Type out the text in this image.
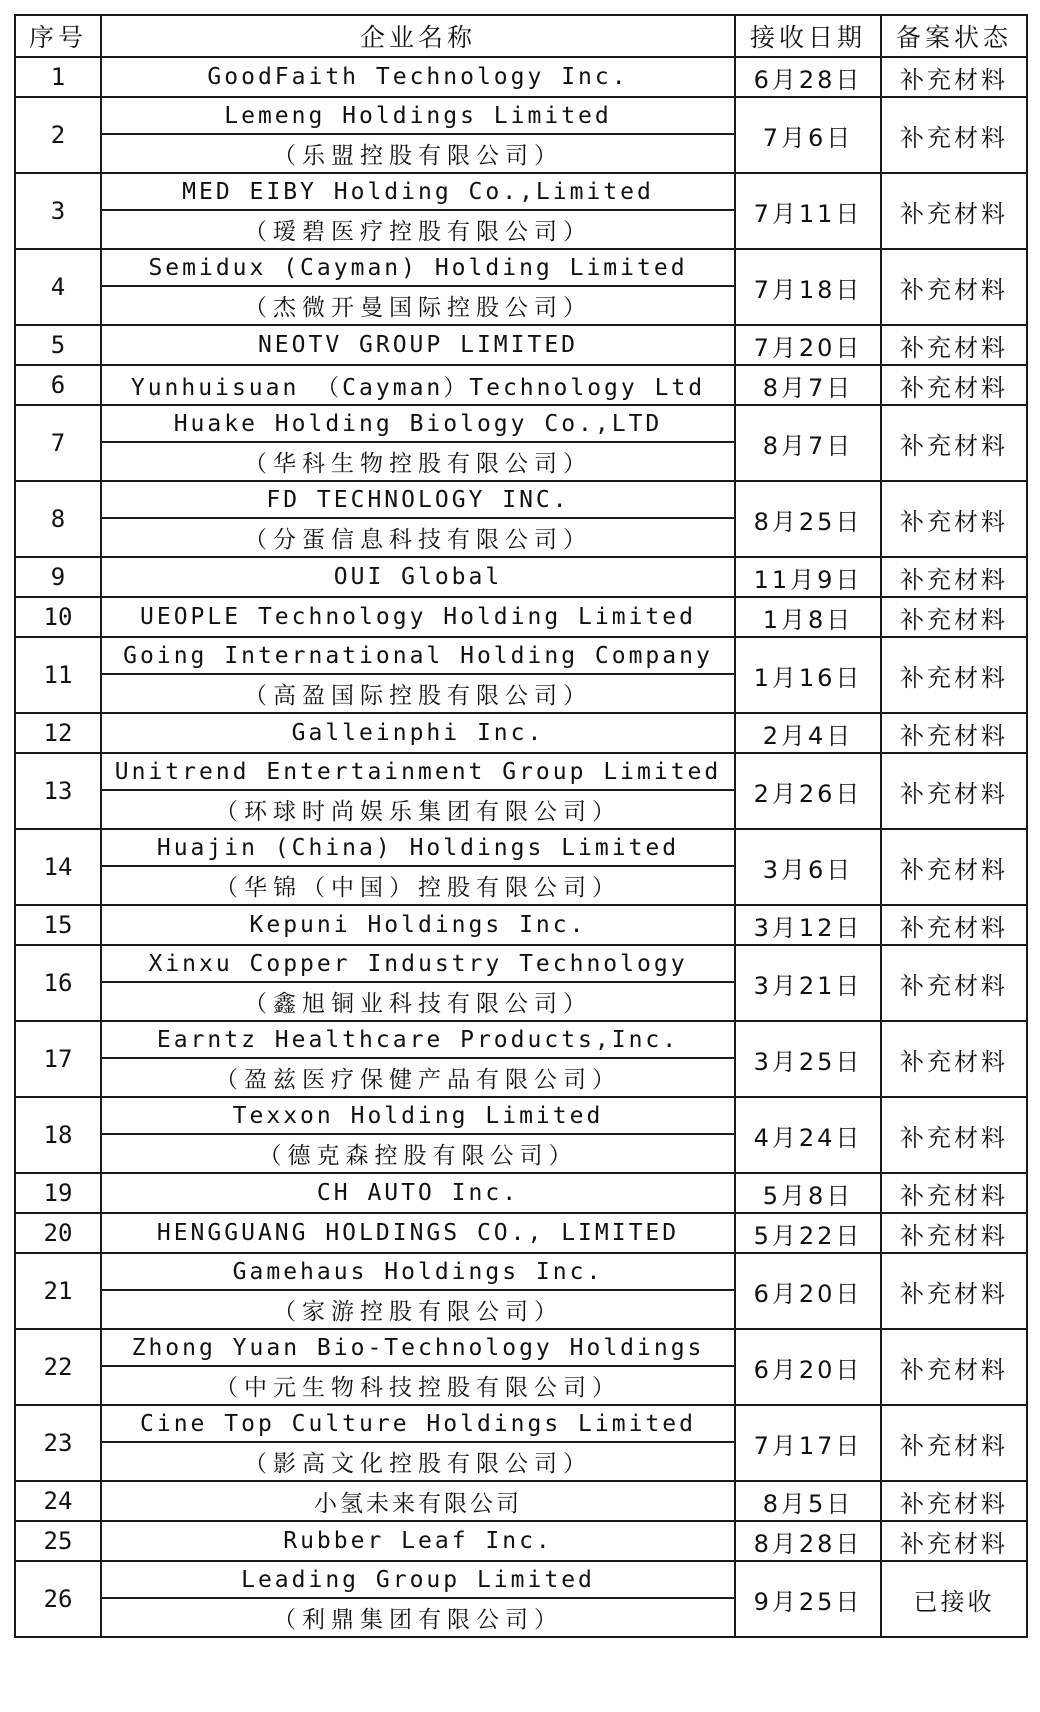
序号	企业名称	接收日期	备案状态
1	GoodFaith Technology Inc.	6月28日	补充材料
2	Lemeng Holdings Limited	7月6日	补充材料
	（乐盟控股有限公司）		
3	MED EIBY Holding Co.,Limited	7月11日	补充材料
	（瑷碧医疗控股有限公司）		
4	Semidux (Cayman) Holding Limited	7月18日	补充材料
	（杰微开曼国际控股公司）		
5	NEOTV GROUP LIMITED	7月20日	补充材料
6	Yunhuisuan （Cayman）Technology Ltd	8月7日	补充材料
7	Huake Holding Biology Co.,LTD	8月7日	补充材料
	（华科生物控股有限公司）		
8	FD TECHNOLOGY INC.	8月25日	补充材料
	（分蛋信息科技有限公司）		
9	OUI Global	11月9日	补充材料
10	UEOPLE Technology Holding Limited	1月8日	补充材料
11	Going International Holding Company	1月16日	补充材料
	（高盈国际控股有限公司）		
12	Galleinphi Inc.	2月4日	补充材料
13	Unitrend Entertainment Group Limited	2月26日	补充材料
	（环球时尚娱乐集团有限公司）		
14	Huajin (China) Holdings Limited	3月6日	补充材料
	（华锦（中国）控股有限公司）		
15	Kepuni Holdings Inc.	3月12日	补充材料
16	Xinxu Copper Industry Technology	3月21日	补充材料
	（鑫旭铜业科技有限公司）		
17	Earntz Healthcare Products,Inc.	3月25日	补充材料
	（盈兹医疗保健产品有限公司）		
18	Texxon Holding Limited	4月24日	补充材料
	（德克森控股有限公司）		
19	CH AUTO Inc.	5月8日	补充材料
20	HENGGUANG HOLDINGS CO., LIMITED	5月22日	补充材料
21	Gamehaus Holdings Inc.	6月20日	补充材料
	（家游控股有限公司）		
22	Zhong Yuan Bio-Technology Holdings	6月20日	补充材料
	（中元生物科技控股有限公司）		
23	Cine Top Culture Holdings Limited	7月17日	补充材料
	（影高文化控股有限公司）		
24	小氢未来有限公司	8月5日	补充材料
25	Rubber Leaf Inc.	8月28日	补充材料
26	Leading Group Limited	9月25日	已接收
	（利鼎集团有限公司）		
